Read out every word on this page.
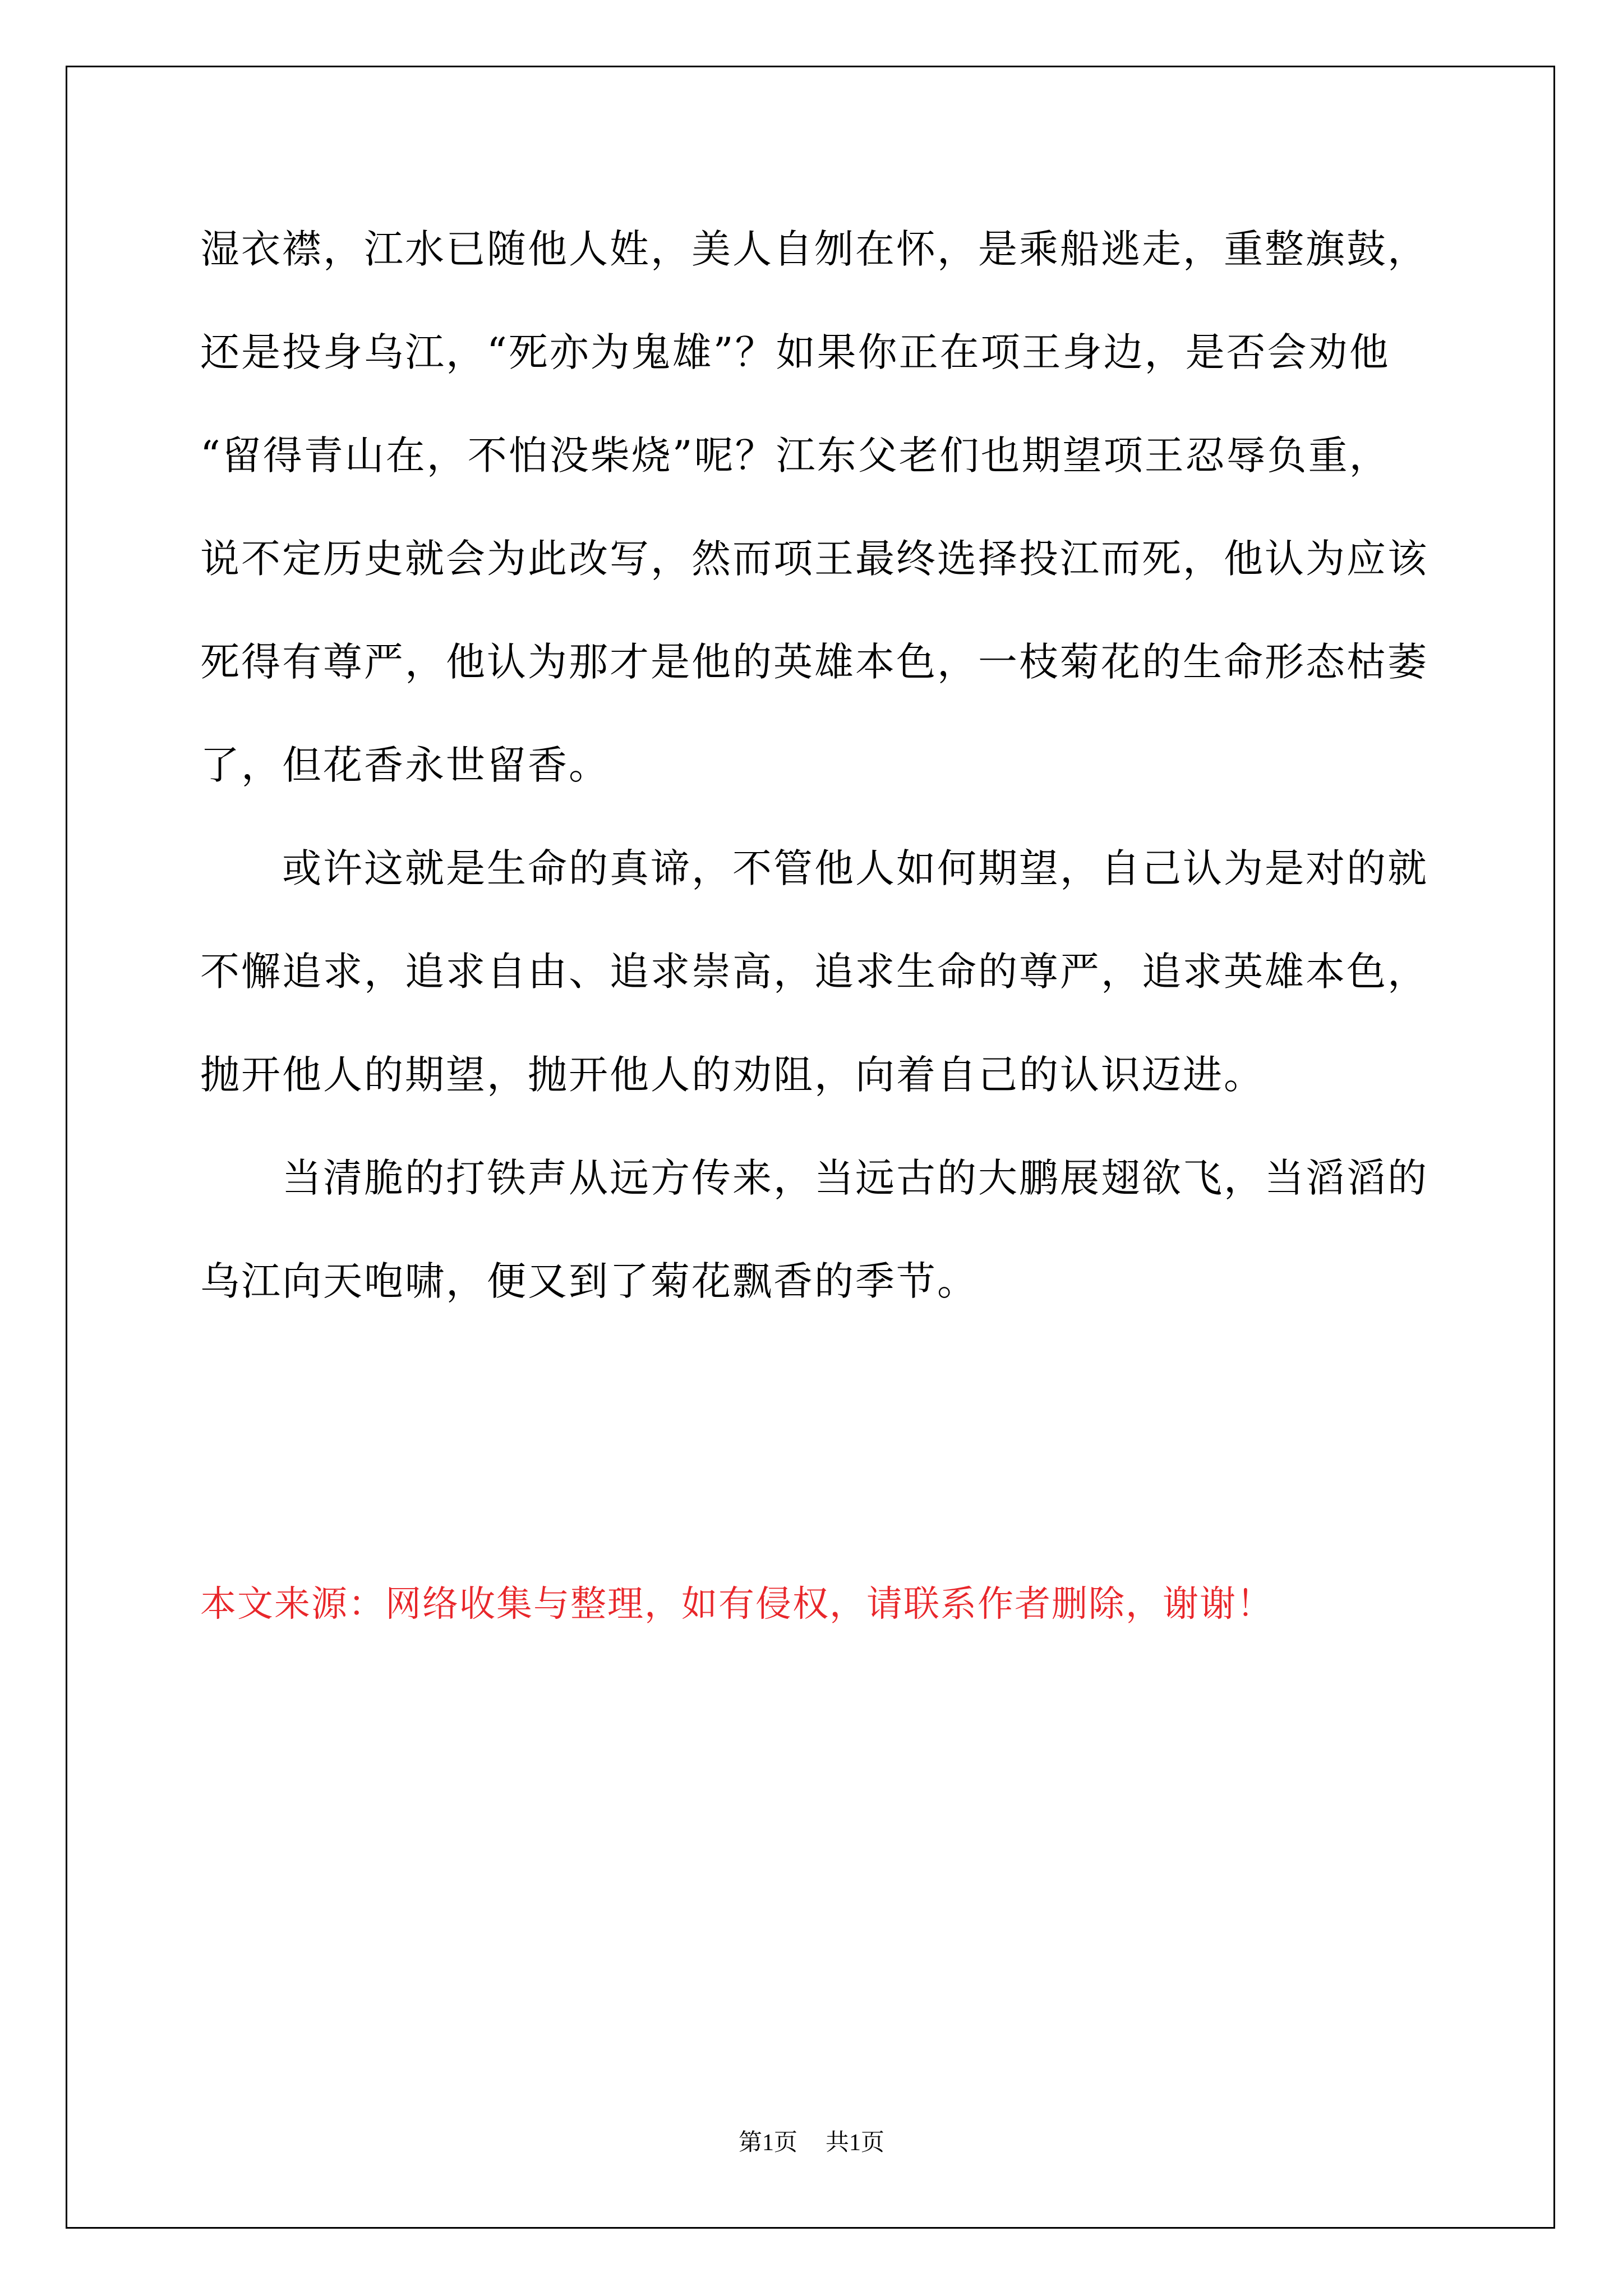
湿衣襟，江水已随他人姓，美人自刎在怀，是乘船逃走，重整旗鼓，
还是投身乌江，“死亦为鬼雄”？如果你正在项王身边，是否会劝他
“留得青山在，不怕没柴烧”呢？江东父老们也期望项王忍辱负重，
说不定历史就会为此改写，然而项王最终选择投江而死，他认为应该
死得有尊严，他认为那才是他的英雄本色，一枝菊花的生命形态枯萎
了，但花香永世留香。
或许这就是生命的真谛，不管他人如何期望，自己认为是对的就
不懈追求，追求自由、追求崇高，追求生命的尊严，追求英雄本色，
抛开他人的期望，抛开他人的劝阻，向着自己的认识迈进。
当清脆的打铁声从远方传来，当远古的大鹏展翅欲飞，当滔滔的
乌江向天咆啸，便又到了菊花飘香的季节。
本文来源：网络收集与整理，如有侵权，请联系作者删除，谢谢！
第1页 共1页
